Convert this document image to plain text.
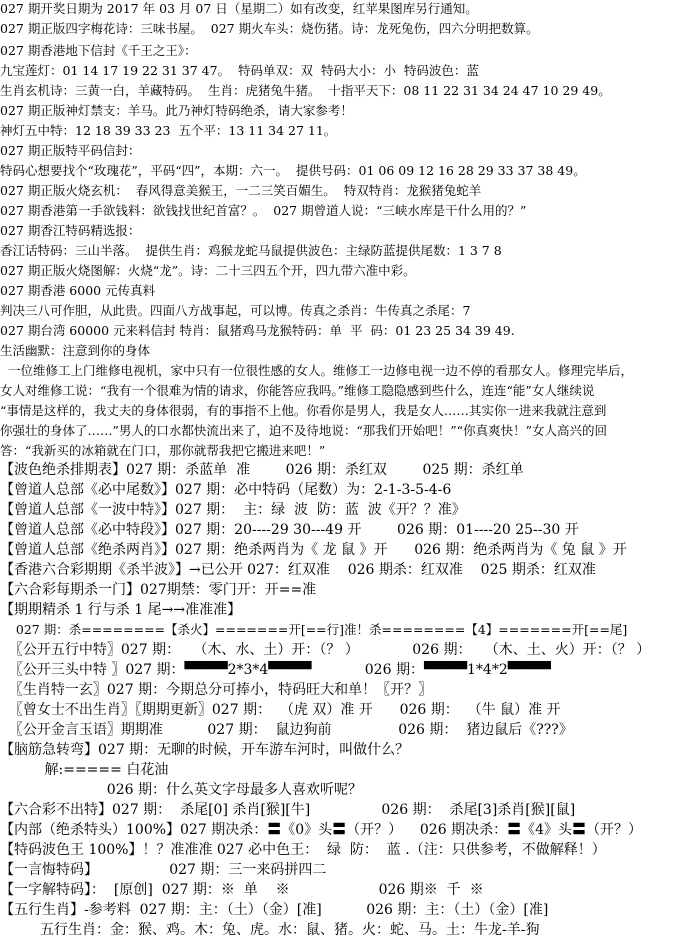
027 期开奖日期为 2017 年 03 月 07 日（星期二）如有改变，红苹果图库另行通知。
027 期正版四字梅花诗：三味书屋。  027 期火车头：烧伤猪。诗：龙死兔伤，四六分明把数算。
027 期香港地下信封《千王之王》：
九宝莲灯：01 14 17 19 22 31 37 47。  特码单双：双  特码大小：小  特码波色：蓝
生肖玄机诗：三黄一白，羊藏特码。  生肖：虎猪兔牛猪。  十指平天下：08 11 22 31 34 24 47 10 29 49。
027 期正版神灯禁支：羊马。此乃神灯特码绝杀，请大家参考！
神灯五中特：12 18 39 33 23  五个平：13 11 34 27 11。
027 期正版特平码信封：
特码心想要找个“玫瑰花”，平码“四”，本期：六一。  提供号码：01 06 09 12 16 28 29 33 37 38 49。
027 期正版火烧玄机：  春风得意美猴王，一二三笑百媚生。  特双特肖：龙猴猪兔蛇羊
027 期香港第一手欲钱料：欲钱找世纪首富？。  027 期曾道人说：“三峡水库是干什么用的？”
027 期香江特码精选报：
香江话特码：三山半落。  提供生肖：鸡猴龙蛇马鼠提供波色：主绿防蓝提供尾数：1 3 7 8
027 期正版火烧图解：火烧“龙”。诗：二十三四五个开，四九带六准中彩。
027 期香港 6000 元传真料
判决三八可作胆，从此贵。四面八方战事起，可以博。传真之杀肖：牛传真之杀尾：7
027 期台湾 60000 元来料信封 特肖：鼠猪鸡马龙猴特码：单  平  码：01 23 25 34 39 49.
生活幽默：注意到你的身体
一位维修工上门维修电视机，家中只有一位很性感的女人。维修工一边修电视一边不停的看那女人。修理完毕后，
女人对维修工说：“我有一个很难为情的请求，你能答应我吗。”维修工隐隐感到些什么，连连“能”女人继续说
“事情是这样的，我丈夫的身体很弱，有的事指不上他。你看你是男人，我是女人……其实你一进来我就注意到
你强壮的身体了……”男人的口水都快流出来了，迫不及待地说：“那我们开始吧！”“你真爽快！”女人高兴的回
答：“我新买的冰箱就在门口，那你就帮我把它搬进来吧！”
【波色绝杀排期表】027 期：杀蓝单  准        026 期：杀红双        025 期：杀红单
【曾道人总部《必中尾数》】027 期：必中特码（尾数）为：2-1-3-5-4-6
【曾道人总部《一波中特》】027 期：  主：绿  波  防：蓝  波《开？？准》
【曾道人总部《必中特段》】027 期：20----29 30---49 开        026 期：01----20 25--30 开
【曾道人总部《绝杀两肖》】027 期：绝杀两肖为《 龙 鼠 》开      026 期：绝杀两肖为《 兔 鼠 》开
【香港六合彩期期《杀半波》】→已公开 027：红双准    026 期杀：红双准    025 期杀：红双准
【六合彩每期杀一门】027期禁：零门开：开==准
【期期精杀 1 行与杀 1 尾→→准准准】
027 期：杀========【杀火】=======开[==行]准！杀========【4】=======开[==尾]
〖公开五行中特〗027 期：   （木、水、土）开：（？ ）            026 期：   （木、土、火）开：（？ ）
〖公开三头中特 〗027 期：▀▀▀▀2*3*4▀▀▀▀            026 期：▀▀▀▀1*4*2▀▀▀▀
〖生肖特一玄〗027 期：今期总分可捧小，特码旺大和单！〖开？〗
〖曾女士不出生肖〗〖期期更新〗027 期：  （虎 双）准 开      026 期：  （牛 鼠）准 开
〖公开金言玉语〗期期准          027 期：  鼠边狗前               026 期：  猪边鼠后《???》
【脑筋急转弯】027 期：无聊的时候，开车游车河时，叫做什么？
解:===== 白花油
026 期：什么英文字母最多人喜欢听呢？
【六合彩不出特】027 期：  杀尾[0] 杀肖[猴][牛]                026 期：  杀尾[3]杀肖[猴][鼠]
【内部（绝杀特头）100%】027 期决杀：〓《0》头〓（开？）    026 期决杀：〓《4》头〓（开？）
【特码波色王 100%】！？准准准 027 必中色王：  绿  防：  蓝 .（注：只供参考，不做解释！）
【一言悔特码】                027 期：三一来码拼四二
【一字解特码】：  [原创]  027 期：※  单    ※                    026 期※  千  ※
【五行生肖】-参考料  027 期：主：（土）（金）[准]          026 期：主：（土）（金）[准]
五行生肖：金：猴、鸡。木：兔、虎。水：鼠、猪。火：蛇、马。土：牛龙-羊-狗
